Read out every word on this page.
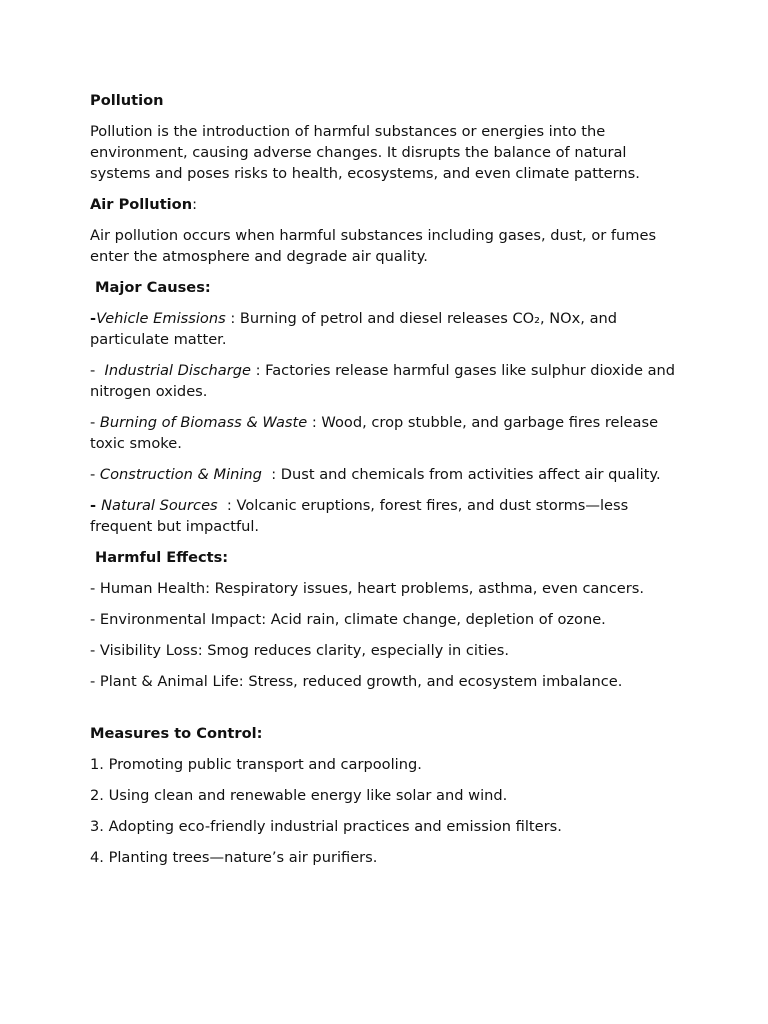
Pollution

Pollution is the introduction of harmful substances or energies into the environment, causing adverse changes. It disrupts the balance of natural systems and poses risks to health, ecosystems, and even climate patterns.

Air Pollution:

Air pollution occurs when harmful substances including gases, dust, or fumes enter the atmosphere and degrade air quality.

Major Causes:

-Vehicle Emissions : Burning of petrol and diesel releases CO₂, NOx, and particulate matter.

-  Industrial Discharge : Factories release harmful gases like sulphur dioxide and nitrogen oxides.

- Burning of Biomass & Waste : Wood, crop stubble, and garbage fires release toxic smoke.

- Construction & Mining  : Dust and chemicals from activities affect air quality.

- Natural Sources  : Volcanic eruptions, forest fires, and dust storms—less frequent but impactful.

Harmful Effects:

- Human Health: Respiratory issues, heart problems, asthma, even cancers.

- Environmental Impact: Acid rain, climate change, depletion of ozone.

- Visibility Loss: Smog reduces clarity, especially in cities.

- Plant & Animal Life: Stress, reduced growth, and ecosystem imbalance.

Measures to Control:

1. Promoting public transport and carpooling.

2. Using clean and renewable energy like solar and wind.

3. Adopting eco-friendly industrial practices and emission filters.

4. Planting trees—nature’s air purifiers.
